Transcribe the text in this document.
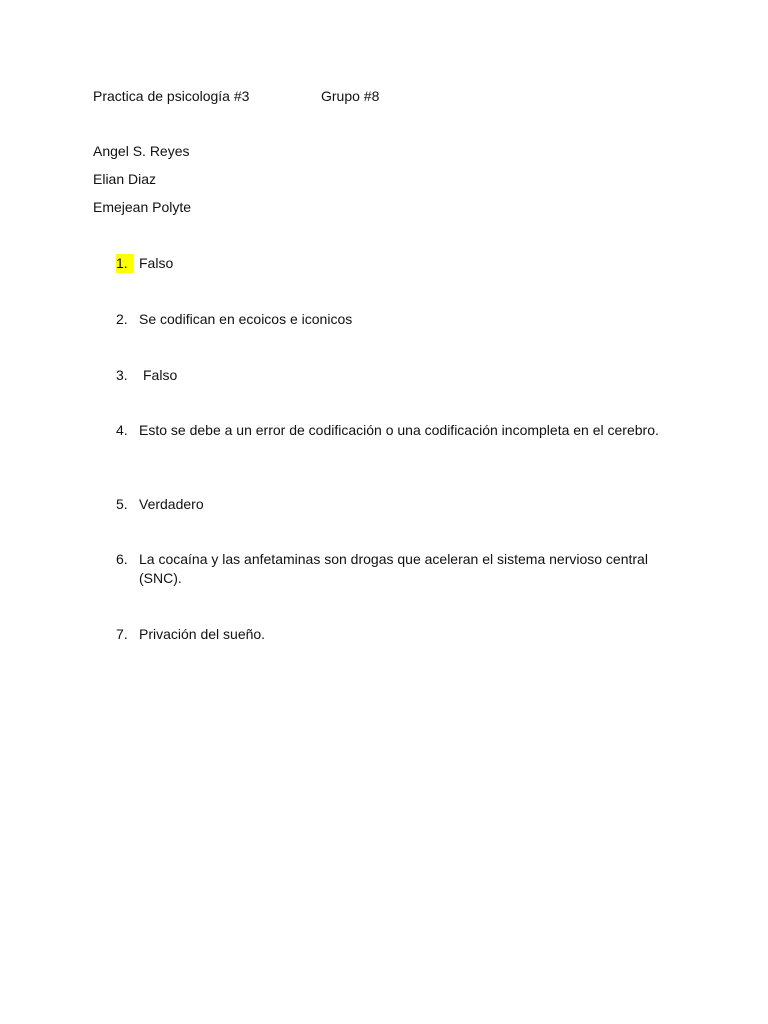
Practica de psicología #3	Grupo #8
Angel S. Reyes
Elian Diaz
Emejean Polyte
1. Falso
2. Se codifican en ecoicos e iconicos
3.	Falso
4. Esto se debe a un error de codificación o una codificación incompleta en el cerebro.
5. Verdadero
6. La cocaína y las anfetaminas son drogas que aceleran el sistema nervioso central (SNC).
7. Privación del sueño.
